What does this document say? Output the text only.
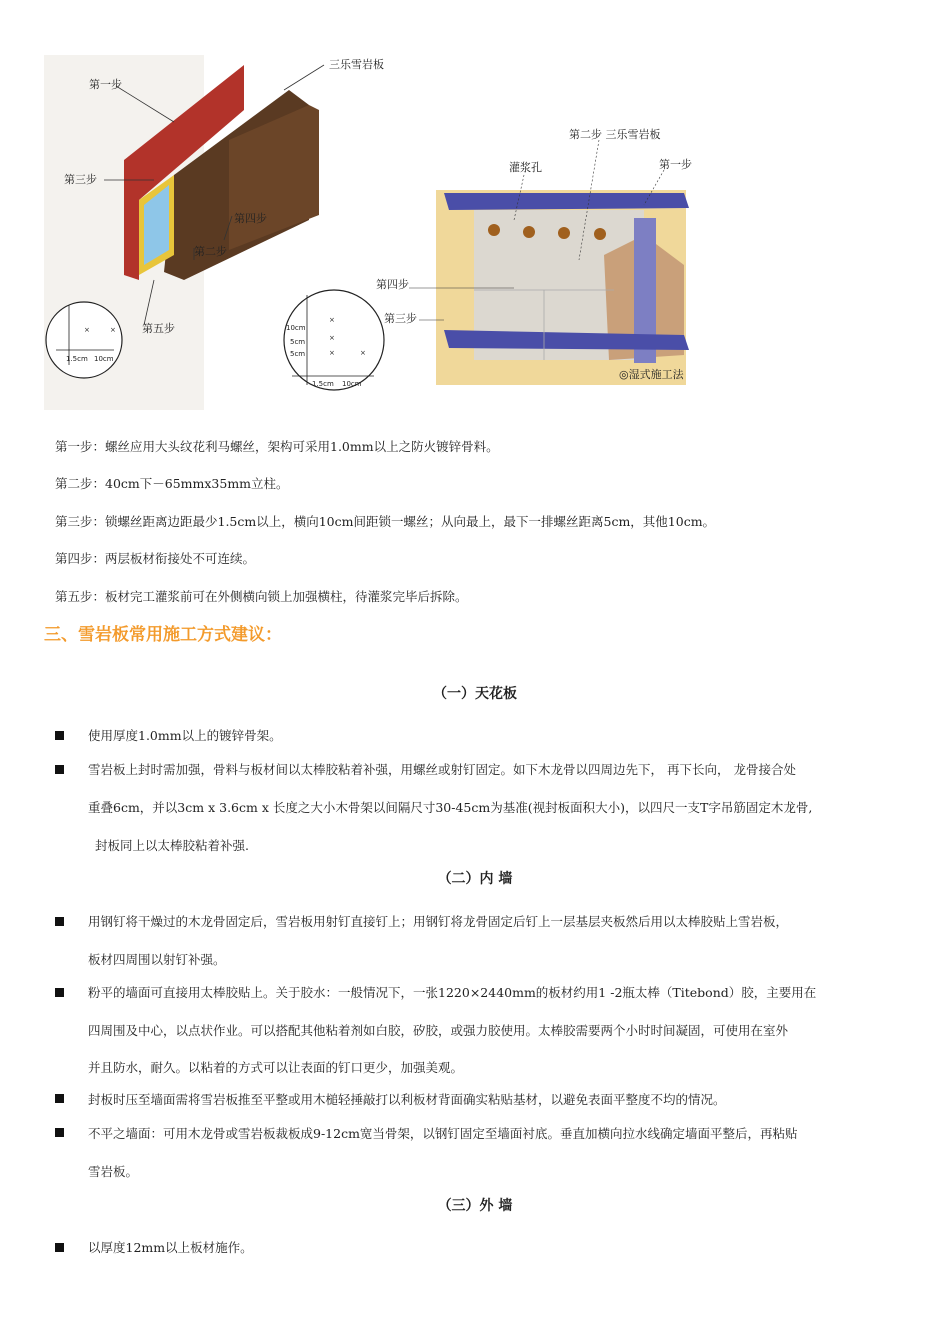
×	×
1.5cm 10cm
第一步
第三步
第四步
第二步
第五步
三乐雪岩板
×
×
×	×
10cm
5cm
5cm
1.5cm 10cm
第二步 三乐雪岩板
灌浆孔	第一步
第四步
第三步
◎湿式施工法
第一步：螺丝应用大头纹花利马螺丝，架构可采用1.0mm以上之防火镀锌骨料。
第二步：40cm下－65mmx35mm立柱。
第三步：锁螺丝距离边距最少1.5cm以上，横向10cm间距锁一螺丝；从向最上，最下一排螺丝距离5cm，其他10cm。
第四步：两层板材衔接处不可连续。
第五步：板材完工灌浆前可在外侧横向锁上加强横柱，待灌浆完毕后拆除。
三、雪岩板常用施工方式建议：
（一）天花板
使用厚度1.0mm以上的镀锌骨架。
雪岩板上封时需加强，骨料与板材间以太棒胶粘着补强，用螺丝或射钉固定。如下木龙骨以四周边先下， 再下长向， 龙骨接合处
重叠6cm，并以3cm x 3.6cm x 长度之大小木骨架以间隔尺寸30-45cm为基准(视封板面积大小)，以四尺一支T字吊筋固定木龙骨,
封板同上以太棒胶粘着补强.
（二）内 墙
用钢钉将干燥过的木龙骨固定后，雪岩板用射钉直接钉上；用钢钉将龙骨固定后钉上一层基层夹板然后用以太棒胶贴上雪岩板，
板材四周围以射钉补强。
粉平的墙面可直接用太棒胶贴上。关于胶水：一般情况下，一张1220×2440mm的板材约用1 -2瓶太棒（Titebond）胶，主要用在
四周围及中心，以点状作业。可以搭配其他粘着剂如白胶，矽胶，或强力胶使用。太棒胶需要两个小时时间凝固，可使用在室外
并且防水，耐久。以粘着的方式可以让表面的钉口更少，加强美观。
封板时压至墙面需将雪岩板推至平整或用木槌轻捶敲打以利板材背面确实粘贴基材，以避免表面平整度不均的情况。
不平之墙面：可用木龙骨或雪岩板裁板成9-12cm宽当骨架，以钢钉固定至墙面衬底。垂直加横向拉水线确定墙面平整后，再粘贴
雪岩板。
（三）外 墙
以厚度12mm以上板材施作。
